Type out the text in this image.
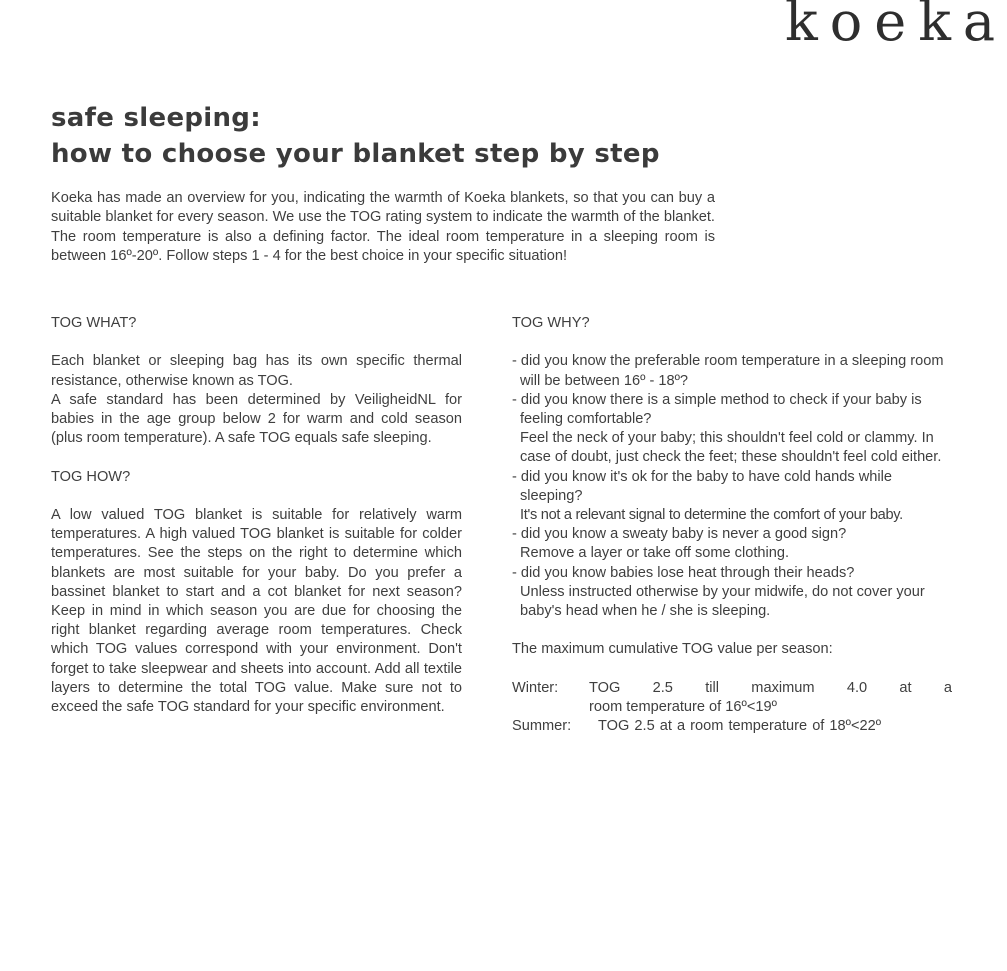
koeka
safe sleeping:
how to choose your blanket step by step

Koeka has made an overview for you, indicating the warmth of Koeka blankets, so that you can buy a suitable blanket for every season. We use the TOG rating system to indicate the warmth of the blanket. The room temperature is also a defining factor. The ideal room temperature in a sleeping room is between 16º-20º. Follow steps 1 - 4 for the best choice in your specific situation!

TOG WHAT?

Each blanket or sleeping bag has its own specific thermal resistance, otherwise known as TOG.

A safe standard has been determined by VeiligheidNL for babies in the age group below 2 for warm and cold season (plus room temperature). A safe TOG equals safe sleeping.

TOG HOW?

A low valued TOG blanket is suitable for relatively warm temperatures. A high valued TOG blanket is suitable for colder temperatures. See the steps on the right to determine which blankets are most suitable for your baby. Do you prefer a bassinet blanket to start and a cot blanket for next season? Keep in mind in which season you are due for choosing the right blanket regarding average room temperatures. Check which TOG values correspond with your environment. Don't forget to take sleepwear and sheets into account. Add all textile layers to determine the total TOG value. Make sure not to exceed the safe TOG standard for your specific environment.

TOG WHY?
- did you know the preferable room temperature in a sleeping room will be between 16º - 18º?
- did you know there is a simple method to check if your baby is feeling comfortable?
Feel the neck of your baby; this shouldn't feel cold or clammy. In case of doubt, just check the feet; these shouldn't feel cold either.
- did you know it's ok for the baby to have cold hands while sleeping?
It's not a relevant signal to determine the comfort of your baby.
- did you know a sweaty baby is never a good sign?
Remove a layer or take off some clothing.
- did you know babies lose heat through their heads?
Unless instructed otherwise by your midwife, do not cover your baby's head when he / she is sleeping.
The maximum cumulative TOG value per season:
Winter:	TOG 2.5 till maximum 4.0 at a
room temperature of 16º<19º
Summer:	TOG 2.5 at a room temperature of 18º<22º
